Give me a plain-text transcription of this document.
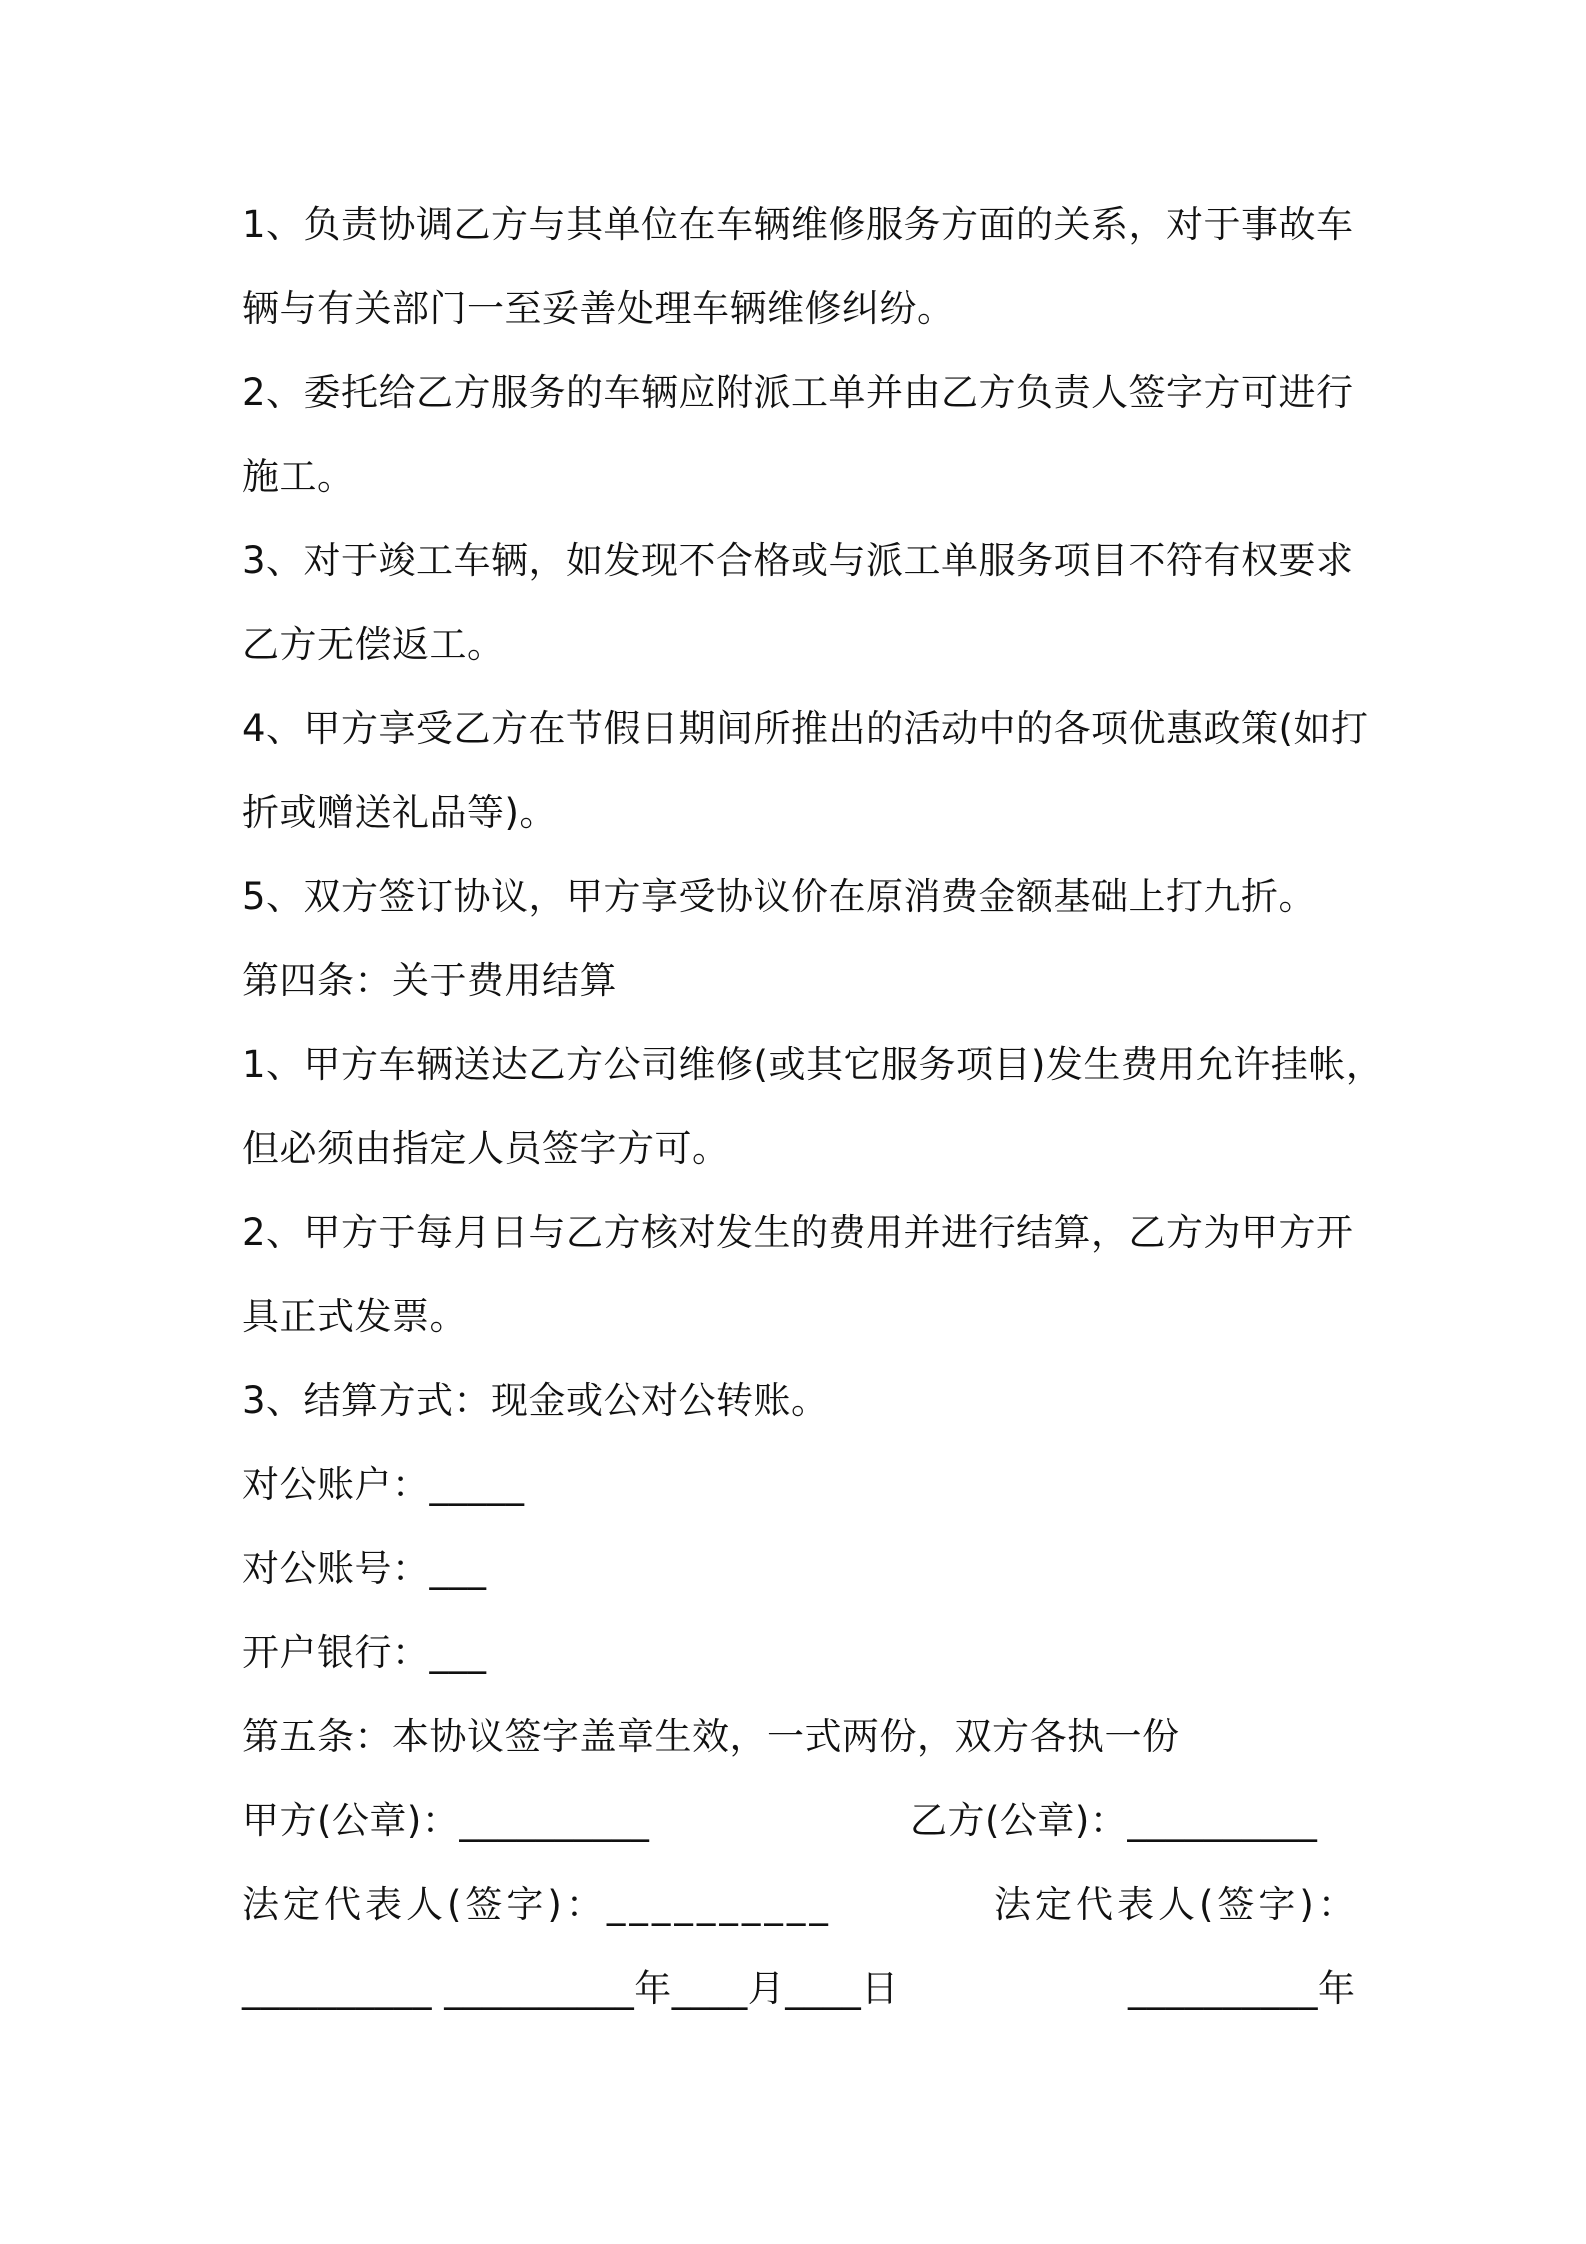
1、负责协调乙方与其单位在车辆维修服务方面的关系，对于事故车
辆与有关部门一至妥善处理车辆维修纠纷。
2、委托给乙方服务的车辆应附派工单并由乙方负责人签字方可进行
施工。
3、对于竣工车辆，如发现不合格或与派工单服务项目不符有权要求
乙方无偿返工。
4、甲方享受乙方在节假日期间所推出的活动中的各项优惠政策(如打
折或赠送礼品等)。
5、双方签订协议，甲方享受协议价在原消费金额基础上打九折。
第四条：关于费用结算
1、甲方车辆送达乙方公司维修(或其它服务项目)发生费用允许挂帐，
但必须由指定人员签字方可。
2、甲方于每月日与乙方核对发生的费用并进行结算，乙方为甲方开
具正式发票。
3、结算方式：现金或公对公转账。
对公账户：_____
对公账号：___
开户银行：___
第五条：本协议签字盖章生效，一式两份，双方各执一份
甲方(公章)：__________	乙方(公章)：__________
法定代表人(签字)：__________	法定代表人(签字)：
__________ __________年____月____日	__________年
